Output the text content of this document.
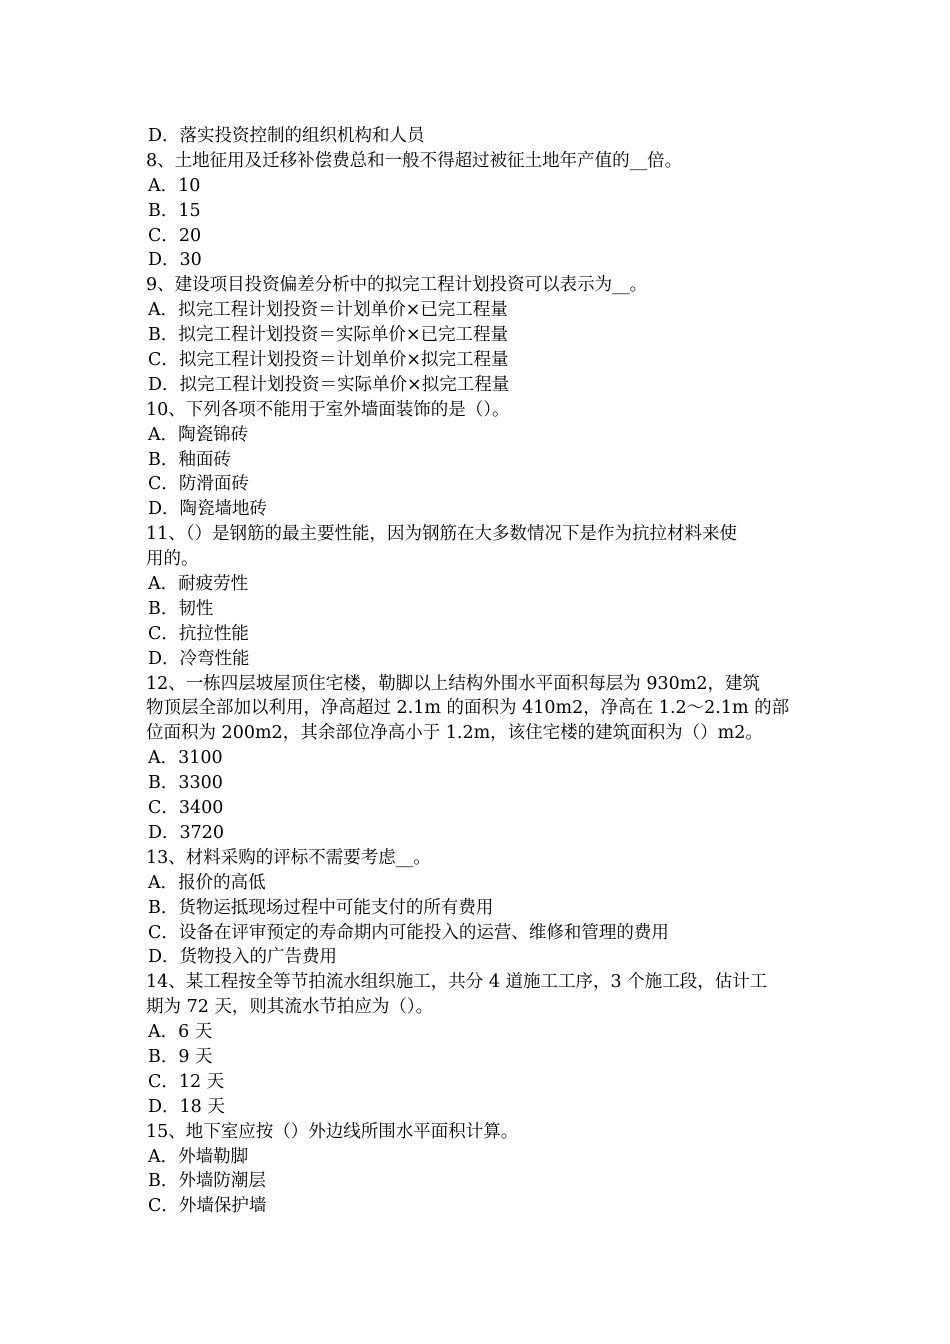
D．落实投资控制的组织机构和人员
8、土地征用及迁移补偿费总和一般不得超过被征土地年产值的__倍。
A．10
B．15
C．20
D．30
9、建设项目投资偏差分析中的拟完工程计划投资可以表示为__。
A．拟完工程计划投资＝计划单价×已完工程量
B．拟完工程计划投资＝实际单价×已完工程量
C．拟完工程计划投资＝计划单价×拟完工程量
D．拟完工程计划投资＝实际单价×拟完工程量
10、下列各项不能用于室外墙面装饰的是（）。
A．陶瓷锦砖
B．釉面砖
C．防滑面砖
D．陶瓷墙地砖
11、（）是钢筋的最主要性能，因为钢筋在大多数情况下是作为抗拉材料来使
用的。
A．耐疲劳性
B．韧性
C．抗拉性能
D．冷弯性能
12、一栋四层坡屋顶住宅楼，勒脚以上结构外围水平面积每层为 930m2，建筑
物顶层全部加以利用，净高超过 2.1m 的面积为 410m2，净高在 1.2～2.1m 的部
位面积为 200m2，其余部位净高小于 1.2m，该住宅楼的建筑面积为（）m2。
A．3100
B．3300
C．3400
D．3720
13、材料采购的评标不需要考虑__。
A．报价的高低
B．货物运抵现场过程中可能支付的所有费用
C．设备在评审预定的寿命期内可能投入的运营、维修和管理的费用
D．货物投入的广告费用
14、某工程按全等节拍流水组织施工，共分 4 道施工工序，3 个施工段，估计工
期为 72 天，则其流水节拍应为（）。
A．6 天
B．9 天
C．12 天
D．18 天
15、地下室应按（）外边线所围水平面积计算。
A．外墙勒脚
B．外墙防潮层
C．外墙保护墙
